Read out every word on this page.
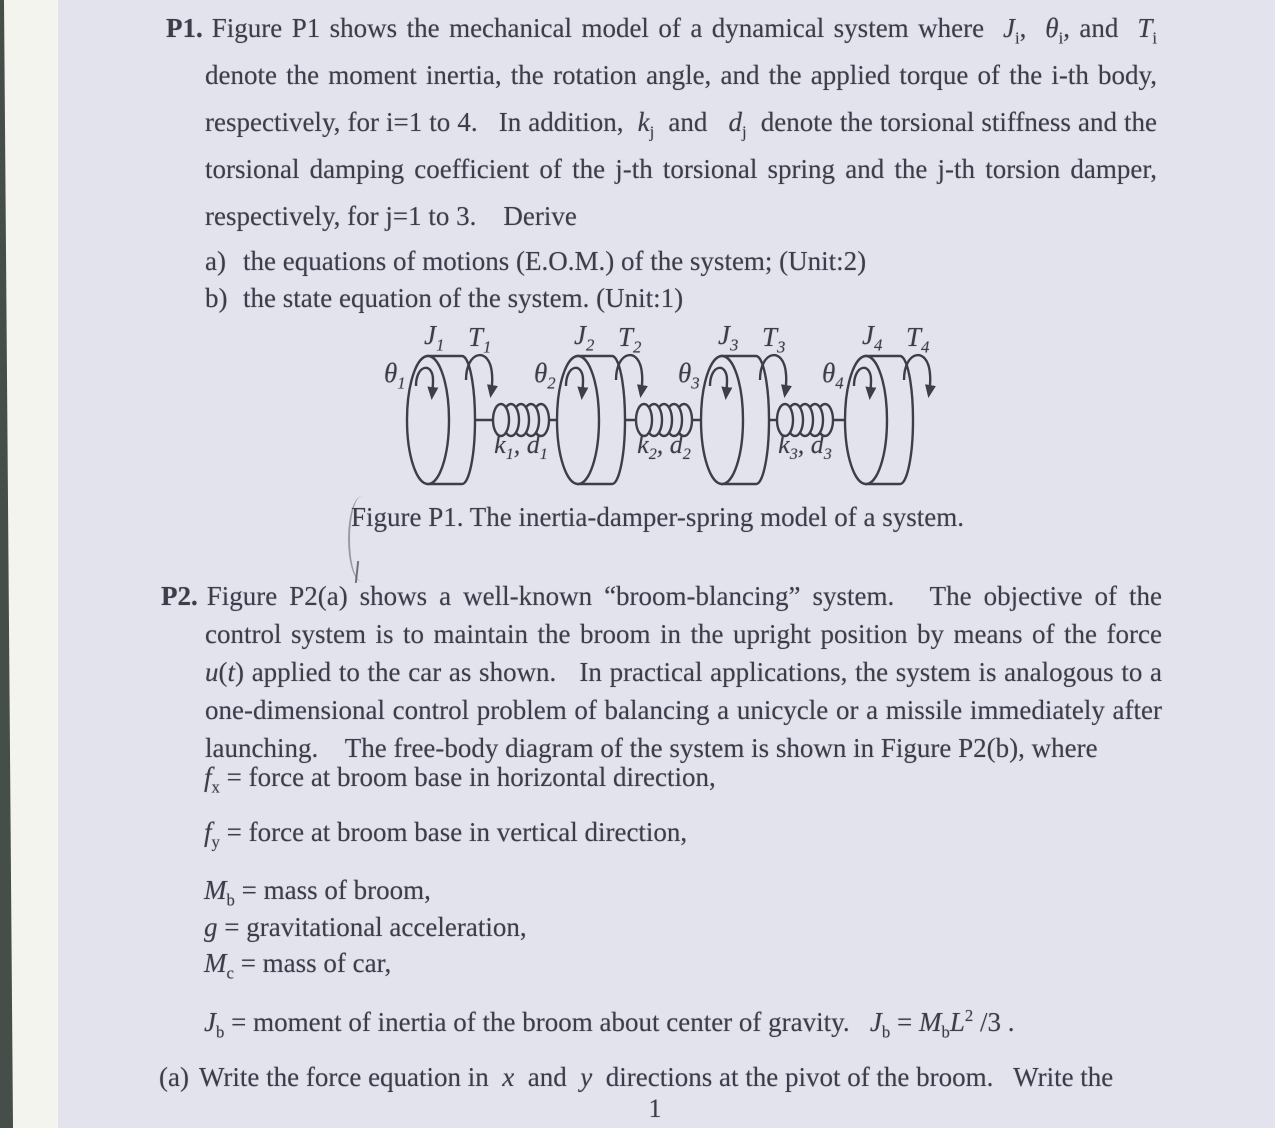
P1. Figure P1 shows the mechanical model of a dynamical system where  $J_i$,  $\theta_i$, and  $T_i$ denote the moment inertia, the rotation angle, and the applied torque of the i-th body, respectively, for i=1 to 4.   In addition,  $k_j$  and   $d_j$  denote the torsional stiffness and the torsional damping coefficient of the j-th torsional spring and the j-th torsion damper, respectively, for j=1 to 3.    Derive
a) the equations of motions (E.O.M.) of the system; (Unit:2)
b) the state equation of the system. (Unit:1)
$\theta_1$	$\theta_2$	$\theta_3$	$\theta_4$
$J_1$	$J_2$	$J_3$	$J_4$
$T_1$	$T_2$	$T_3$	$T_4$
$k_1$, $d_1$	$k_2$, $d_2$	$k_3$, $d_3$
Figure P1. The inertia-damper-spring model of a system.
P2. Figure P2(a) shows a well-known “broom-blancing” system.   The objective of the control system is to maintain the broom in the upright position by means of the force  u(t) applied to the car as shown.   In practical applications, the system is analogous to a one-dimensional control problem of balancing a unicycle or a missile immediately after launching.    The free-body diagram of the system is shown in Figure P2(b), where
$f_x$ = force at broom base in horizontal direction,
$f_y$ = force at broom base in vertical direction,
$M_b$ = mass of broom,
g = gravitational acceleration,
$M_c$ = mass of car,
$J_b$ = moment of inertia of the broom about center of gravity.   $J_b = M_bL^2$ /3 .
(a) Write the force equation in  x  and  y  directions at the pivot of the broom.   Write the
1
